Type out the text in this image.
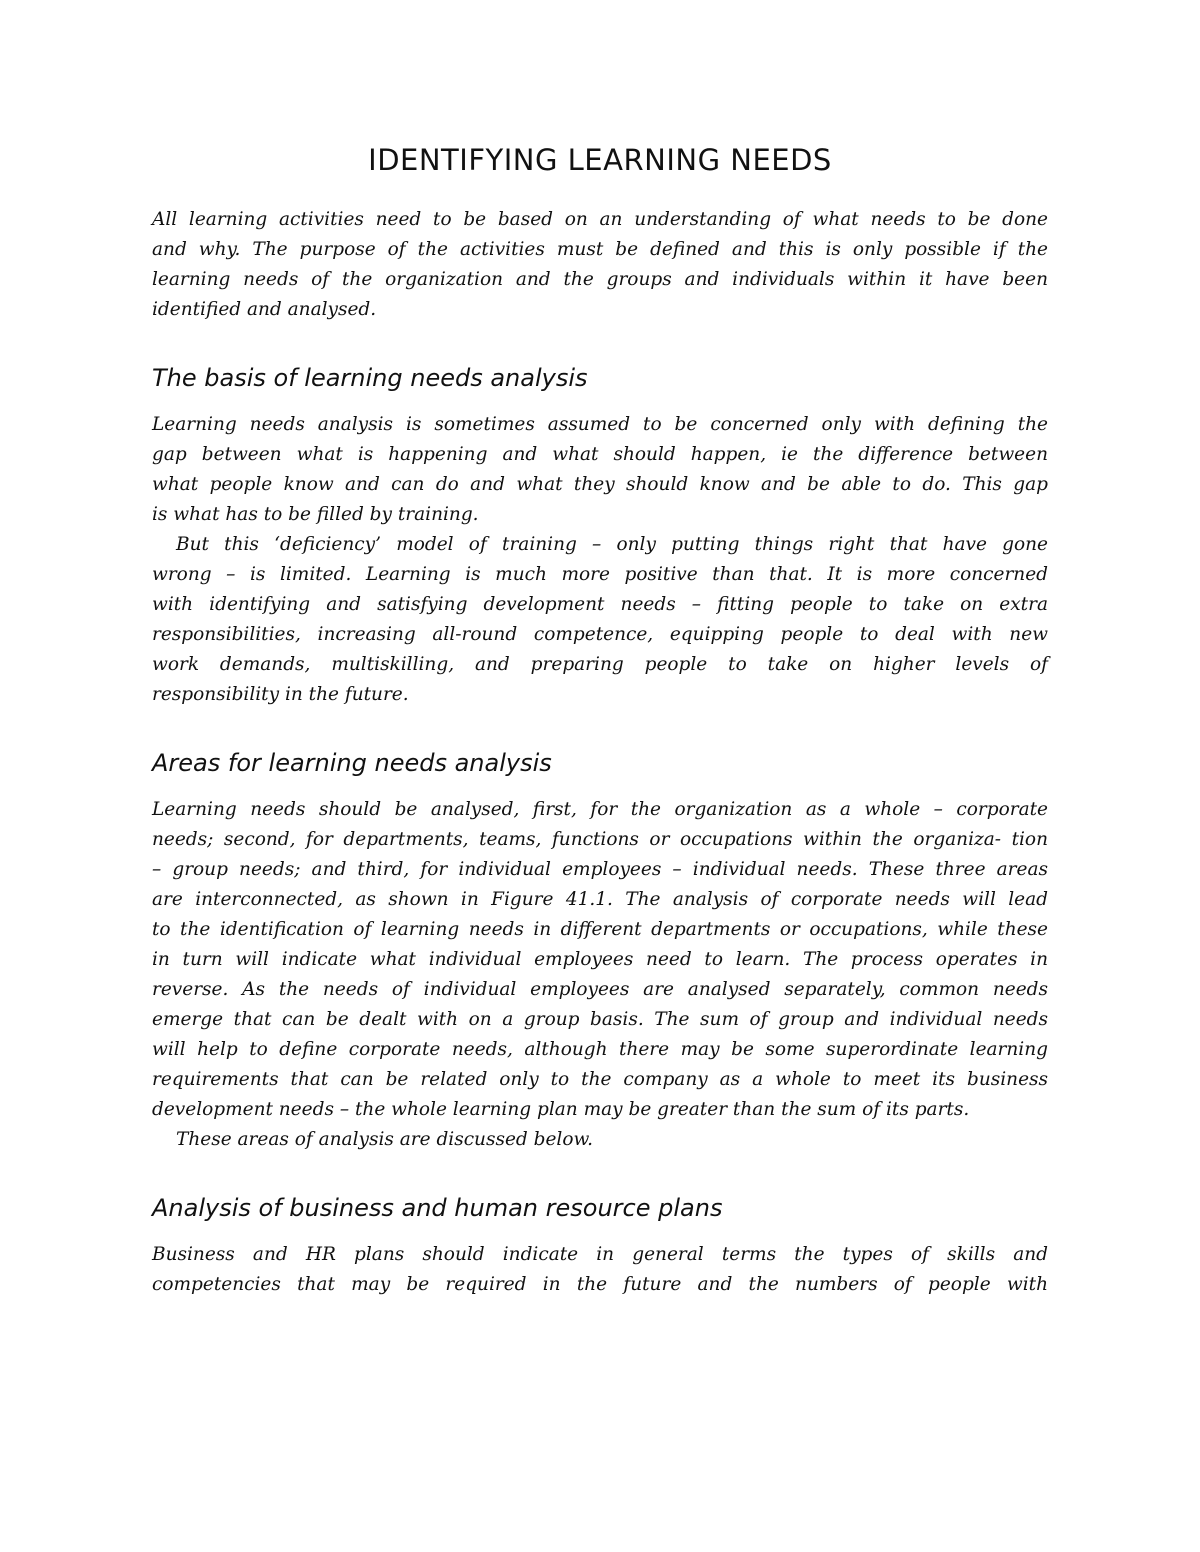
IDENTIFYING LEARNING NEEDS
All learning activities need to be based on an understanding of what needs to be done
and why. The purpose of the activities must be defined and this is only possible if the
learning needs of the organization and the groups and individuals within it have been
identified and analysed.
The basis of learning needs analysis
Learning needs analysis is sometimes assumed to be concerned only with defining the
gap between what is happening and what should happen, ie the difference between
what people know and can do and what they should know and be able to do. This gap
is what has to be filled by training.
But this ‘deficiency’ model of training – only putting things right that have gone
wrong – is limited. Learning is much more positive than that. It is more concerned
with identifying and satisfying development needs – fitting people to take on extra
responsibilities, increasing all-round competence, equipping people to deal with new
work demands, multiskilling, and preparing people to take on higher levels of
responsibility in the future.
Areas for learning needs analysis
Learning needs should be analysed, first, for the organization as a whole – corporate
needs; second, for departments, teams, functions or occupations within the organiza- tion
– group needs; and third, for individual employees – individual needs. These three areas
are interconnected, as shown in Figure 41.1. The analysis of corporate needs will lead
to the identification of learning needs in different departments or occupations, while these
in turn will indicate what individual employees need to learn. The process operates in
reverse. As the needs of individual employees are analysed separately, common needs
emerge that can be dealt with on a group basis. The sum of group and individual needs
will help to define corporate needs, although there may be some superordinate learning
requirements that can be related only to the company as a whole to meet its business
development needs – the whole learning plan may be greater than the sum of its parts.
These areas of analysis are discussed below.
Analysis of business and human resource plans
Business and HR plans should indicate in general terms the types of skills and
competencies that may be required in the future and the numbers of people with
